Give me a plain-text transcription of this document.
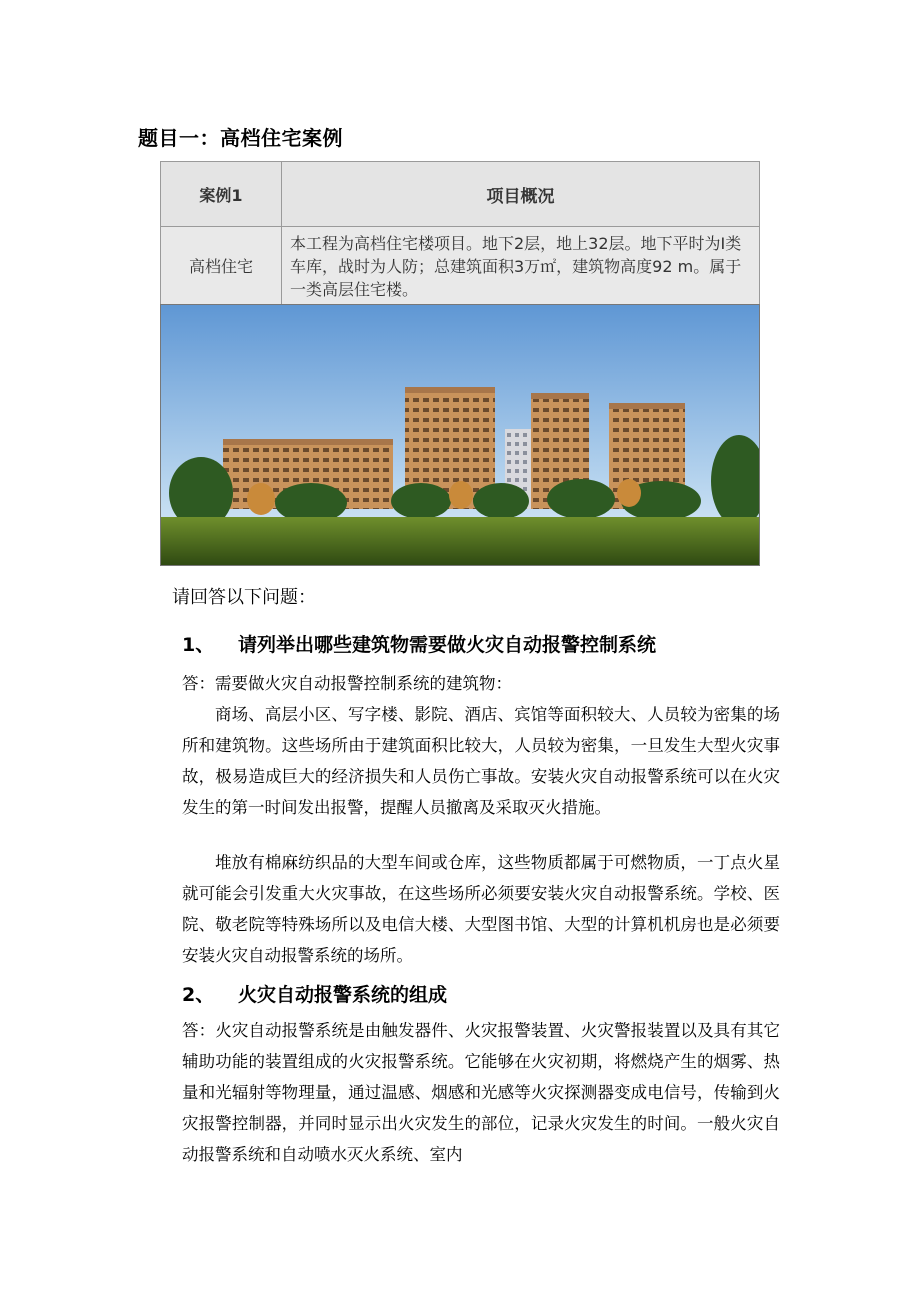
题目一：高档住宅案例
案例1	项目概况
高档住宅	本工程为高档住宅楼项目。地下2层，地上32层。地下平时为Ⅰ类车库，战时为人防；总建筑面积3万㎡，建筑物高度92 m。属于一类高层住宅楼。
请回答以下问题：
1、 请列举出哪些建筑物需要做火灾自动报警控制系统

答：需要做火灾自动报警控制系统的建筑物：

商场、高层小区、写字楼、影院、酒店、宾馆等面积较大、人员较为密集的场所和建筑物。这些场所由于建筑面积比较大，人员较为密集，一旦发生大型火灾事故，极易造成巨大的经济损失和人员伤亡事故。安装火灾自动报警系统可以在火灾发生的第一时间发出报警，提醒人员撤离及采取灭火措施。

堆放有棉麻纺织品的大型车间或仓库，这些物质都属于可燃物质，一丁点火星就可能会引发重大火灾事故，在这些场所必须要安装火灾自动报警系统。学校、医院、敬老院等特殊场所以及电信大楼、大型图书馆、大型的计算机机房也是必须要安装火灾自动报警系统的场所。

2、 火灾自动报警系统的组成

答：火灾自动报警系统是由触发器件、火灾报警装置、火灾警报装置以及具有其它辅助功能的装置组成的火灾报警系统。它能够在火灾初期，将燃烧产生的烟雾、热量和光辐射等物理量，通过温感、烟感和光感等火灾探测器变成电信号，传输到火灾报警控制器，并同时显示出火灾发生的部位，记录火灾发生的时间。一般火灾自动报警系统和自动喷水灭火系统、室内
